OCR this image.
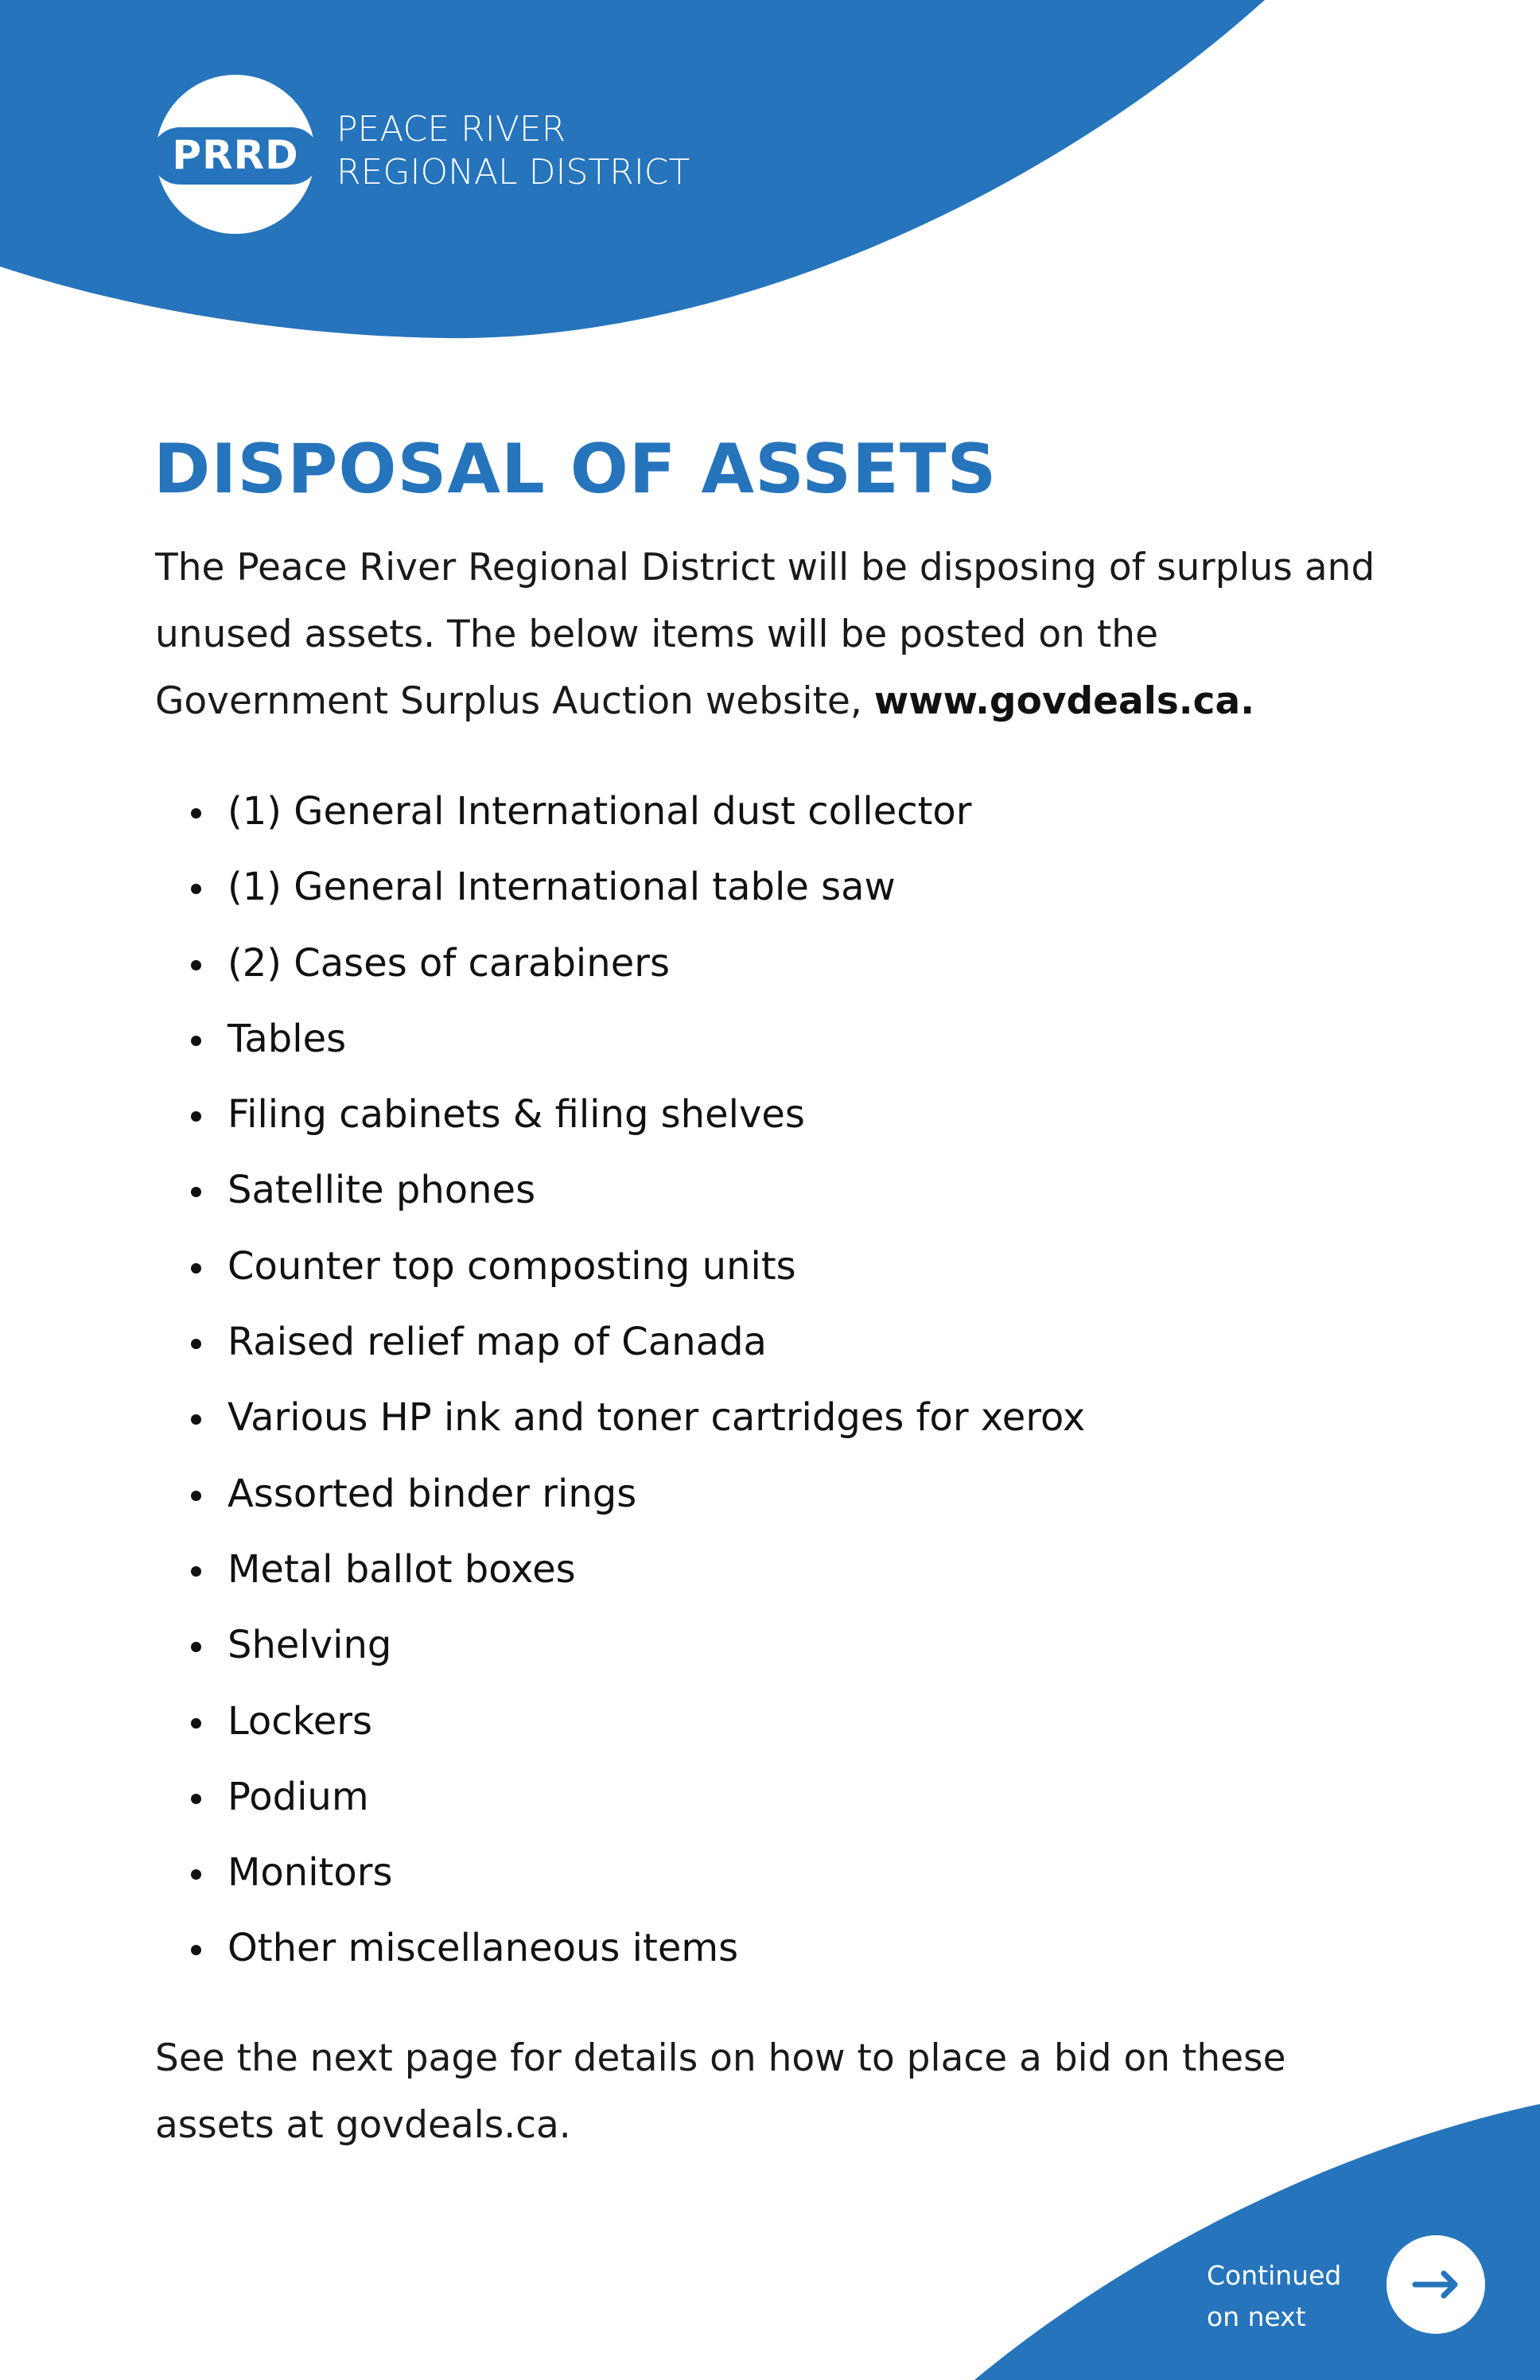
PRRD
PEACE RIVER
REGIONAL DISTRICT
DISPOSAL OF ASSETS

The Peace River Regional District will be disposing of surplus and unused assets. The below items will be posted on the Government Surplus Auction website, www.govdeals.ca.

(1) General International dust collector
(1) General International table saw
(2) Cases of carabiners
Tables
Filing cabinets & filing shelves
Satellite phones
Counter top composting units
Raised relief map of Canada
Various HP ink and toner cartridges for xerox
Assorted binder rings
Metal ballot boxes
Shelving
Lockers
Podium
Monitors
Other miscellaneous items

See the next page for details on how to place a bid on these assets at govdeals.ca.

Continued
on next
